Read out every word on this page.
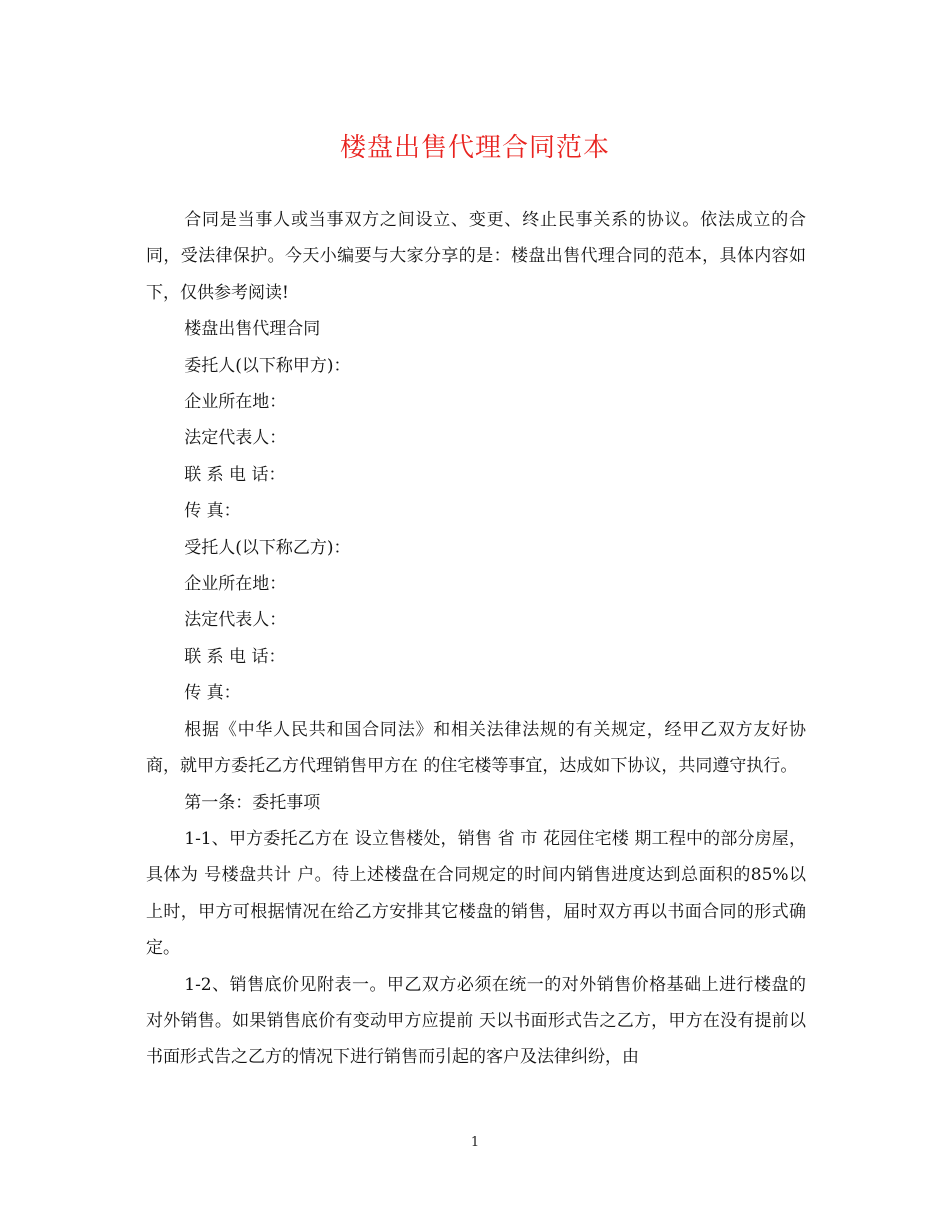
楼盘出售代理合同范本

合同是当事人或当事双方之间设立、变更、终止民事关系的协议。依法成立的合同，受法律保护。今天小编要与大家分享的是：楼盘出售代理合同的范本，具体内容如下，仅供参考阅读!

楼盘出售代理合同

委托人(以下称甲方)：

企业所在地：

法定代表人：

联 系 电 话：

传 真：

受托人(以下称乙方)：

企业所在地：

法定代表人：

联 系 电 话：

传 真：

根据《中华人民共和国合同法》和相关法律法规的有关规定，经甲乙双方友好协商，就甲方委托乙方代理销售甲方在 的住宅楼等事宜，达成如下协议，共同遵守执行。

第一条：委托事项

1-1、甲方委托乙方在 设立售楼处，销售 省 市 花园住宅楼 期工程中的部分房屋，具体为 号楼盘共计 户。待上述楼盘在合同规定的时间内销售进度达到总面积的85%以上时，甲方可根据情况在给乙方安排其它楼盘的销售，届时双方再以书面合同的形式确定。

1-2、销售底价见附表一。甲乙双方必须在统一的对外销售价格基础上进行楼盘的对外销售。如果销售底价有变动甲方应提前 天以书面形式告之乙方，甲方在没有提前以书面形式告之乙方的情况下进行销售而引起的客户及法律纠纷，由

1
